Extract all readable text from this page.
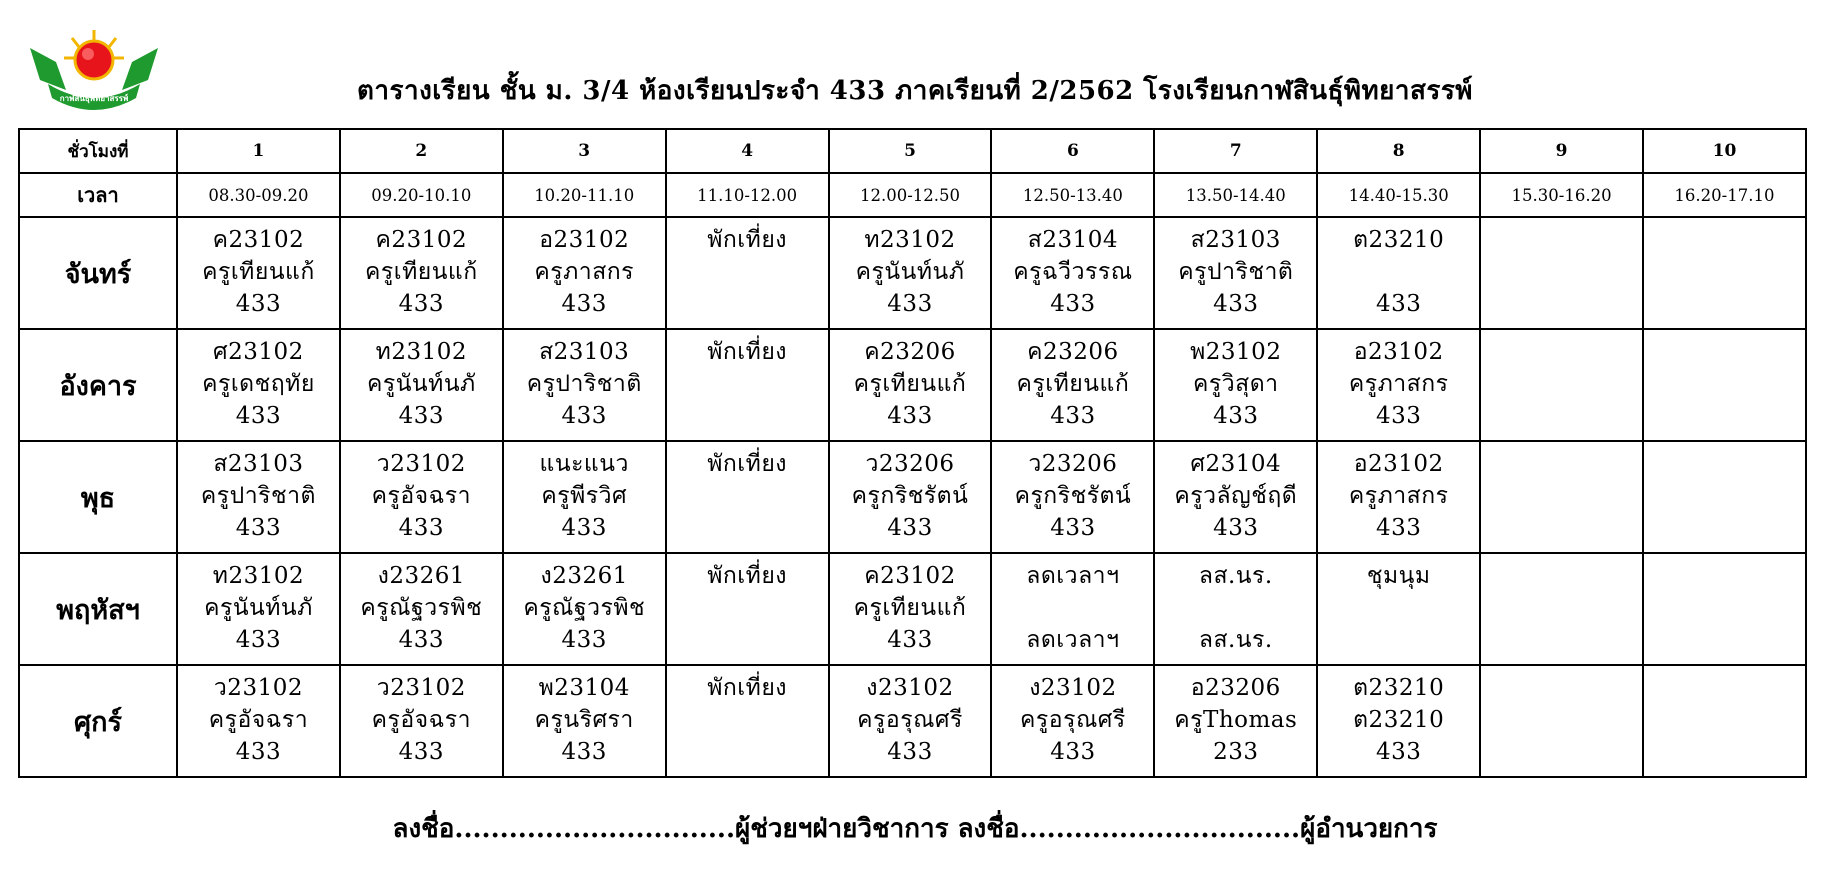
กาฬสินธุ์พิทยาสรรพ์	ตารางเรียน ชั้น ม. 3/4 ห้องเรียนประจำ 433 ภาคเรียนที่ 2/2562 โรงเรียนกาฬสินธุ์พิทยาสรรพ์
ชั่วโมงที่	1	2	3	4	5	6	7	8	9	10
เวลา	08.30-09.20	09.20-10.10	10.20-11.10	11.10-12.00	12.00-12.50	12.50-13.40	13.50-14.40	14.40-15.30	15.30-16.20	16.20-17.10
จันทร์	ค23102
ครูเทียนแก้
433	ค23102
ครูเทียนแก้
433	อ23102
ครูภาสกร
433	พักเที่ยง	ท23102
ครูนันท์นภั
433	ส23104
ครูฉวีวรรณ
433	ส23103
ครูปาริชาติ
433	ต23210
433		

อังคาร	ศ23102
ครูเดชฤทัย
433	ท23102
ครูนันท์นภั
433	ส23103
ครูปาริชาติ
433	พักเที่ยง	ค23206
ครูเทียนแก้
433	ค23206
ครูเทียนแก้
433	พ23102
ครูวิสุดา
433	อ23102
ครูภาสกร
433		

พุธ	ส23103
ครูปาริชาติ
433	ว23102
ครูอัจฉรา
433	แนะแนว
ครูพีรวิศ
433	พักเที่ยง	ว23206
ครูกริชรัตน์
433	ว23206
ครูกริชรัตน์
433	ศ23104
ครูวลัญช์ฤดี
433	อ23102
ครูภาสกร
433		

พฤหัสฯ	ท23102
ครูนันท์นภั
433	ง23261
ครูณัฐวรพิช
433	ง23261
ครูณัฐวรพิช
433	พักเที่ยง	ค23102
ครูเทียนแก้
433	ลดเวลาฯ
ลดเวลาฯ	ลส.นร.
ลส.นร.	ชุมนุม		

ศุกร์	ว23102
ครูอัจฉรา
433	ว23102
ครูอัจฉรา
433	พ23104
ครูนริศรา
433	พักเที่ยง	ง23102
ครูอรุณศรี
433	ง23102
ครูอรุณศรี
433	อ23206
ครูThomas
233	ต23210
ต23210
433		

ลงชื่อ...............................ผู้ช่วยฯฝ่ายวิชาการ ลงชื่อ...............................ผู้อำนวยการ
